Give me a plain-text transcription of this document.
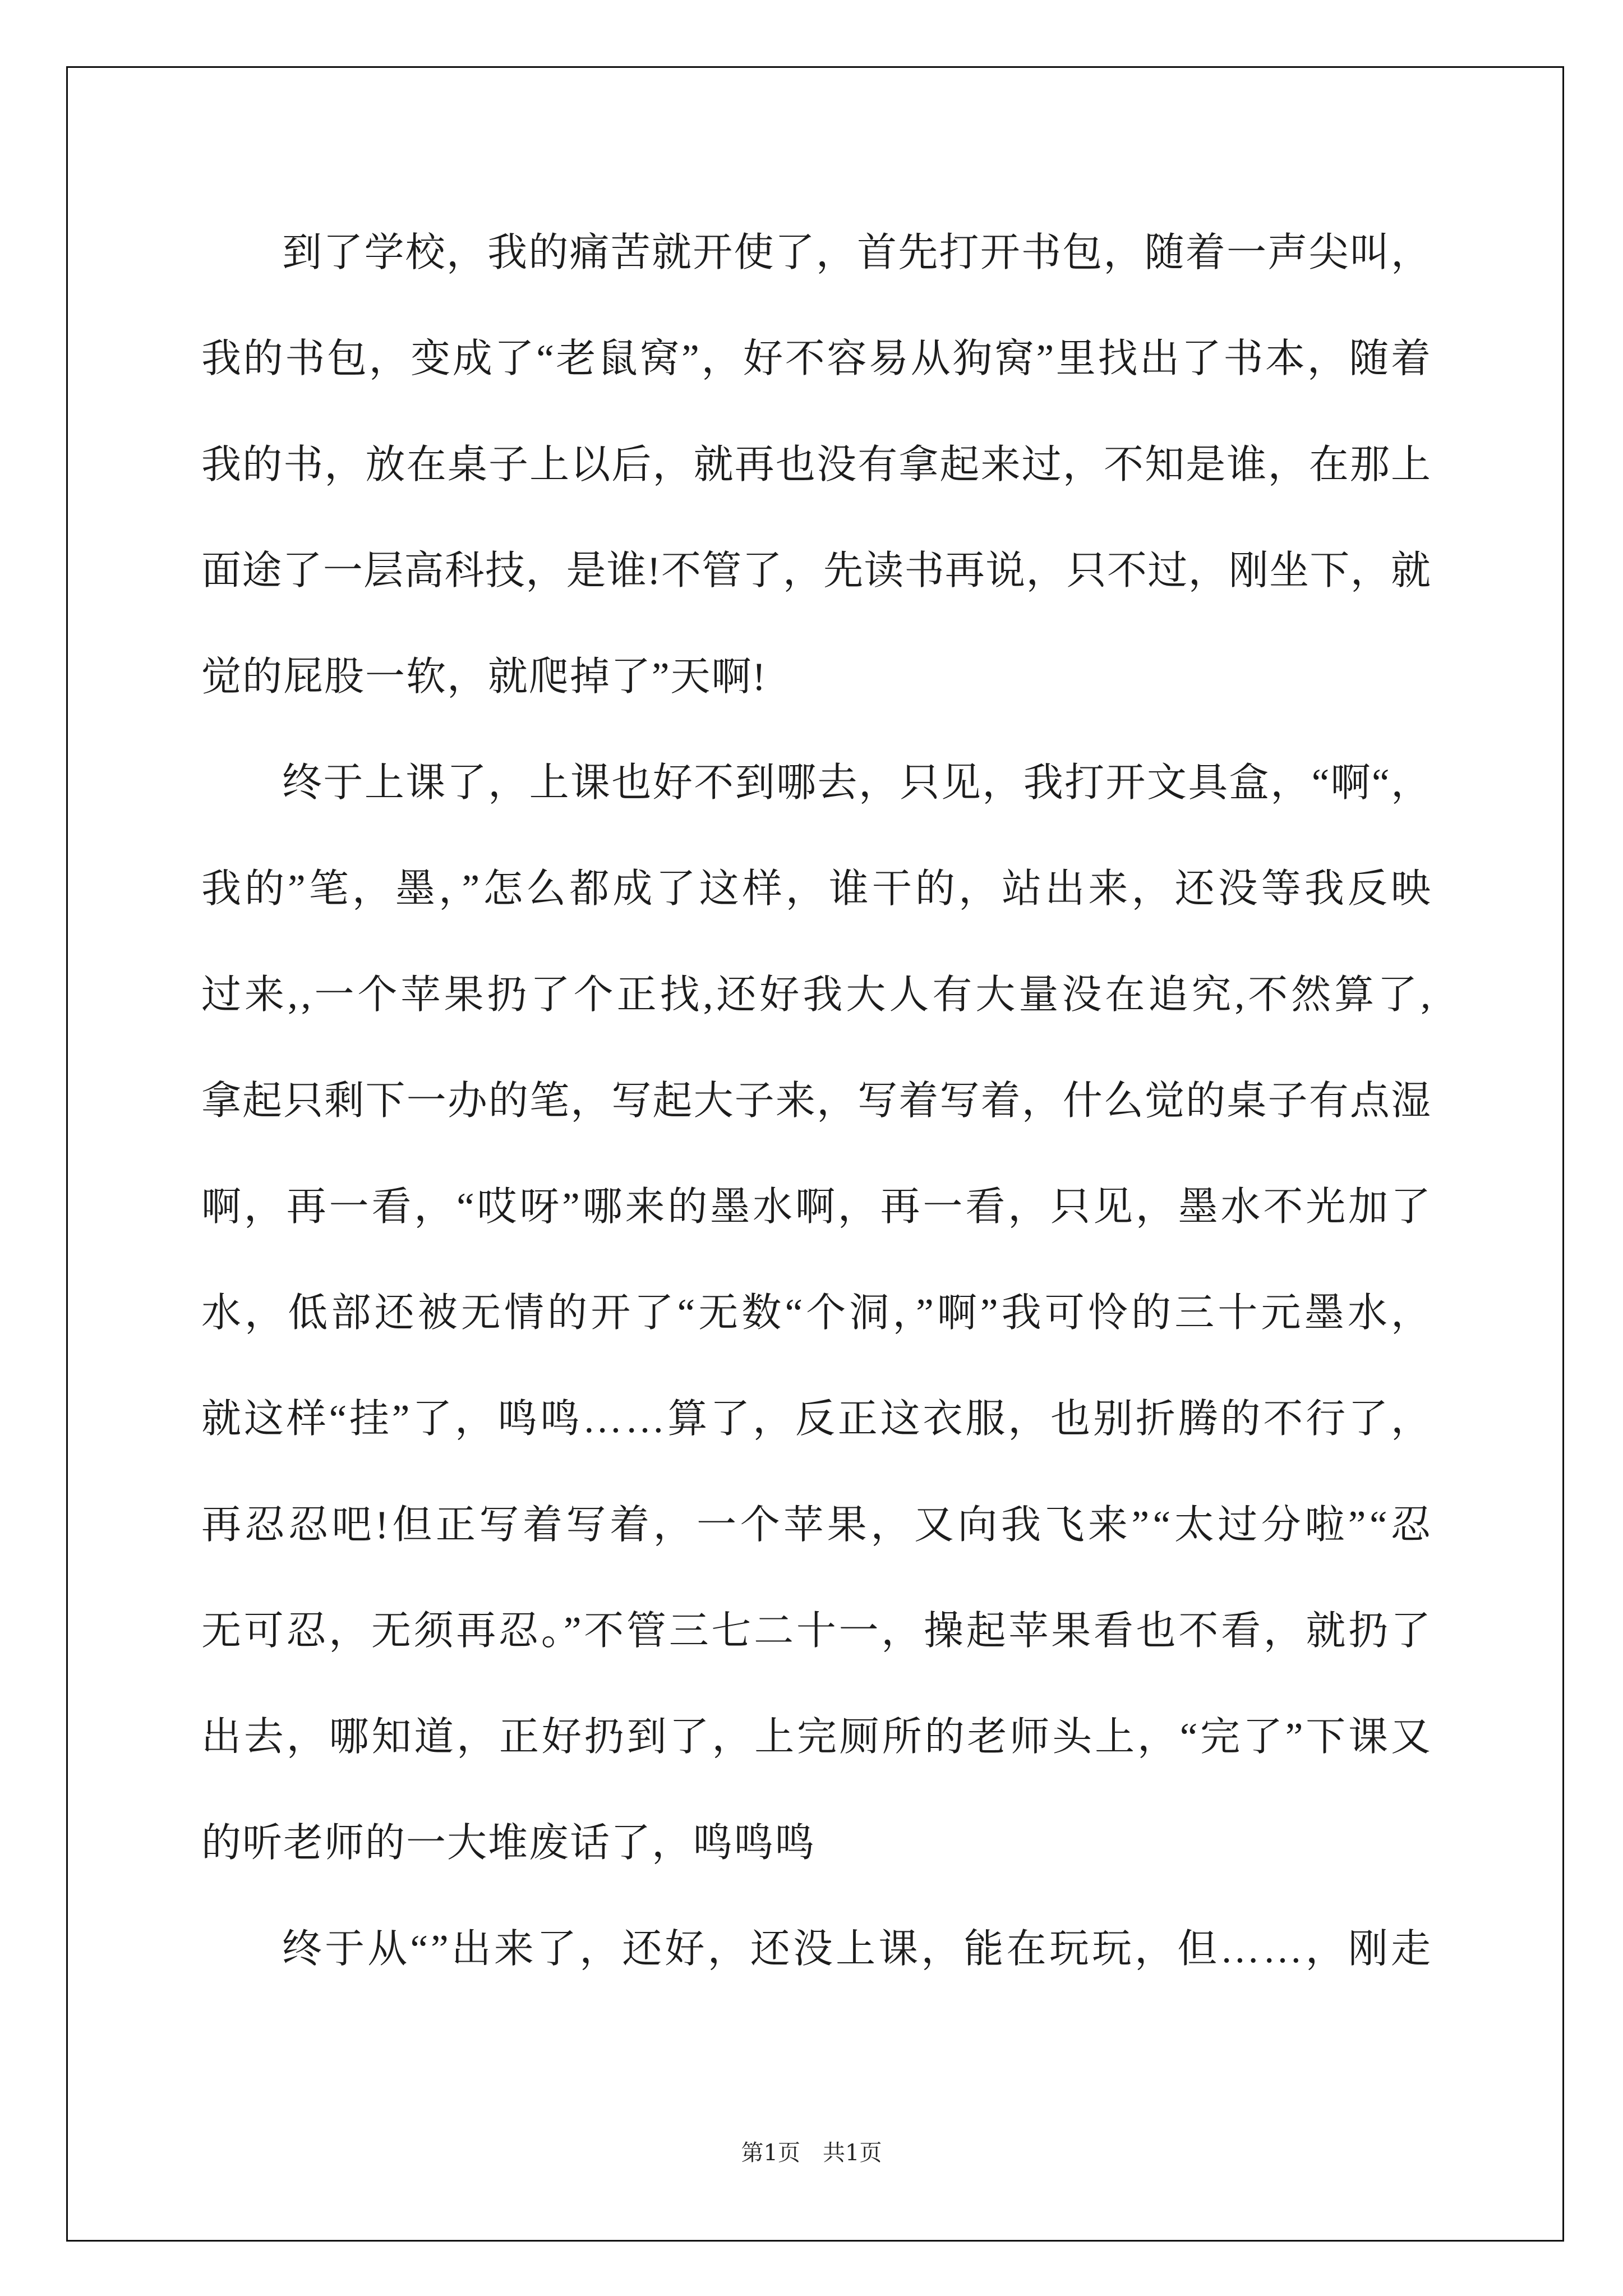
到了学校，我的痛苦就开使了，首先打开书包，随着一声尖叫，
我的书包，变成了“老鼠窝”，好不容易从狗窝”里找出了书本，随着
我的书，放在桌子上以后，就再也没有拿起来过，不知是谁，在那上
面途了一层高科技，是谁!不管了，先读书再说，只不过，刚坐下，就
觉的屁股一软，就爬掉了”天啊!
终于上课了，上课也好不到哪去，只见，我打开文具盒，“啊“，
我的”笔，墨，”怎么都成了这样，谁干的，站出来，还没等我反映
过来,,一个苹果扔了个正找,还好我大人有大量没在追究,不然算了,
拿起只剩下一办的笔，写起大子来，写着写着，什么觉的桌子有点湿
啊，再一看，“哎呀”哪来的墨水啊，再一看，只见，墨水不光加了
水，低部还被无情的开了“无数“个洞，”啊”我可怜的三十元墨水，
就这样“挂”了，鸣鸣……算了，反正这衣服，也别折腾的不行了，
再忍忍吧!但正写着写着，一个苹果，又向我飞来”“太过分啦”“忍
无可忍，无须再忍。”不管三七二十一，操起苹果看也不看，就扔了
出去，哪知道，正好扔到了，上完厕所的老师头上，“完了”下课又
的听老师的一大堆废话了，鸣鸣鸣
终于从“”出来了，还好，还没上课，能在玩玩，但……，刚走
第1页　共1页
